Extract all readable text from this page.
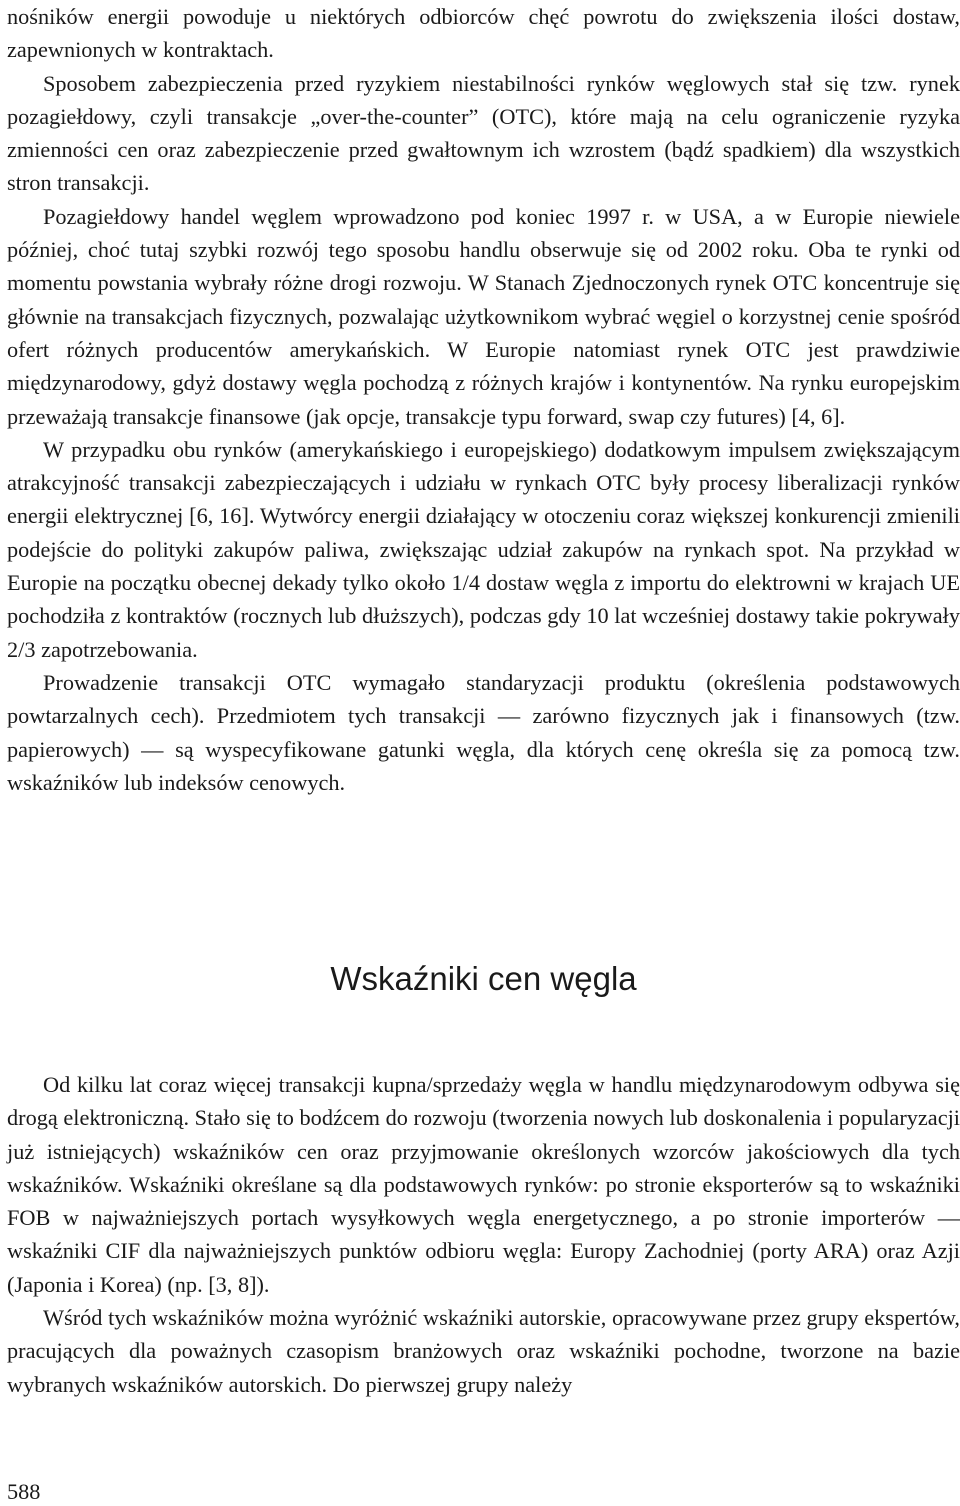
nośników energii powoduje u niektórych odbiorców chęć powrotu do zwiększenia ilości dostaw, zapewnionych w kontraktach.

Sposobem zabezpieczenia przed ryzykiem niestabilności rynków węglowych stał się tzw. rynek pozagiełdowy, czyli transakcje „over-the-counter” (OTC), które mają na celu ograniczenie ryzyka zmienności cen oraz zabezpieczenie przed gwałtownym ich wzrostem (bądź spadkiem) dla wszystkich stron transakcji.

Pozagiełdowy handel węglem wprowadzono pod koniec 1997 r. w USA, a w Europie niewiele później, choć tutaj szybki rozwój tego sposobu handlu obserwuje się od 2002 roku. Oba te rynki od momentu powstania wybrały różne drogi rozwoju. W Stanach Zjednoczonych rynek OTC koncentruje się głównie na transakcjach fizycznych, pozwalając użytkownikom wybrać węgiel o korzystnej cenie spośród ofert różnych producentów amerykańskich. W Europie natomiast rynek OTC jest prawdziwie międzynarodowy, gdyż dostawy węgla pochodzą z różnych krajów i kontynentów. Na rynku europejskim przeważają transakcje finansowe (jak opcje, transakcje typu forward, swap czy futures) [4, 6].

W przypadku obu rynków (amerykańskiego i europejskiego) dodatkowym impulsem zwiększającym atrakcyjność transakcji zabezpieczających i udziału w rynkach OTC były procesy liberalizacji rynków energii elektrycznej [6, 16]. Wytwórcy energii działający w otoczeniu coraz większej konkurencji zmienili podejście do polityki zakupów paliwa, zwiększając udział zakupów na rynkach spot. Na przykład w Europie na początku obecnej dekady tylko około 1/4 dostaw węgla z importu do elektrowni w krajach UE pochodziła z kontraktów (rocznych lub dłuższych), podczas gdy 10 lat wcześniej dostawy takie pokrywały 2/3 zapotrzebowania.

Prowadzenie transakcji OTC wymagało standaryzacji produktu (określenia podstawowych powtarzalnych cech). Przedmiotem tych transakcji — zarówno fizycznych jak i finansowych (tzw. papierowych) — są wyspecyfikowane gatunki węgla, dla których cenę określa się za pomocą tzw. wskaźników lub indeksów cenowych.

Wskaźniki cen węgla

Od kilku lat coraz więcej transakcji kupna/sprzedaży węgla w handlu międzynarodowym odbywa się drogą elektroniczną. Stało się to bodźcem do rozwoju (tworzenia nowych lub doskonalenia i popularyzacji już istniejących) wskaźników cen oraz przyjmowanie określonych wzorców jakościowych dla tych wskaźników. Wskaźniki określane są dla podstawowych rynków: po stronie eksporterów są to wskaźniki FOB w najważniejszych portach wysyłkowych węgla energetycznego, a po stronie importerów — wskaźniki CIF dla najważniejszych punktów odbioru węgla: Europy Zachodniej (porty ARA) oraz Azji (Japonia i Korea) (np. [3, 8]).

Wśród tych wskaźników można wyróżnić wskaźniki autorskie, opracowywane przez grupy ekspertów, pracujących dla poważnych czasopism branżowych oraz wskaźniki pochodne, tworzone na bazie wybranych wskaźników autorskich. Do pierwszej grupy należy

588
